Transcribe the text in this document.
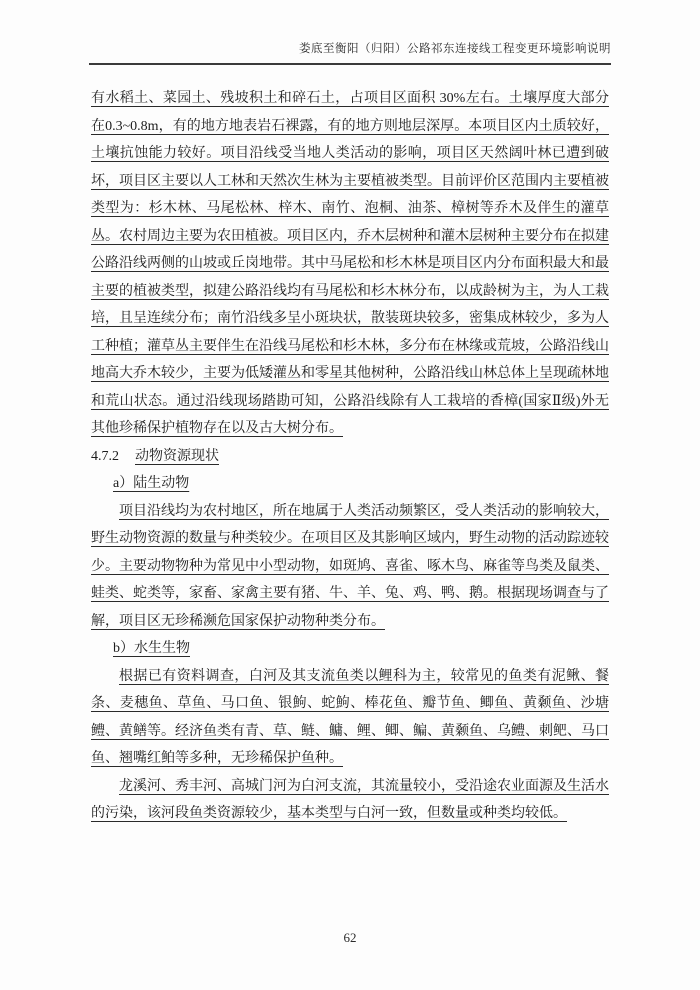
娄底至衡阳（归阳）公路祁东连接线工程变更环境影响说明

有水稻土、菜园土、残坡积土和碎石土，占项目区面积 30%左右。土壤厚度大部分在0.3~0.8m，有的地方地表岩石裸露，有的地方则地层深厚。本项目区内土质较好，土壤抗蚀能力较好。项目沿线受当地人类活动的影响，项目区天然阔叶林已遭到破坏，项目区主要以人工林和天然次生林为主要植被类型。目前评价区范围内主要植被类型为：杉木林、马尾松林、梓木、南竹、泡桐、油茶、樟树等乔木及伴生的灌草丛。农村周边主要为农田植被。项目区内，乔木层树种和灌木层树种主要分布在拟建公路沿线两侧的山坡或丘岗地带。其中马尾松和杉木林是项目区内分布面积最大和最主要的植被类型，拟建公路沿线均有马尾松和杉木林分布，以成龄树为主，为人工栽培，且呈连续分布；南竹沿线多呈小斑块状，散装斑块较多，密集成林较少，多为人工种植；灌草丛主要伴生在沿线马尾松和杉木林，多分布在林缘或荒坡，公路沿线山地高大乔木较少，主要为低矮灌丛和零星其他树种，公路沿线山林总体上呈现疏林地和荒山状态。通过沿线现场踏勘可知，公路沿线除有人工栽培的香樟(国家Ⅱ级)外无其他珍稀保护植物存在以及古大树分布。

4.7.2 动物资源现状
a）陆生动物

项目沿线均为农村地区，所在地属于人类活动频繁区，受人类活动的影响较大，野生动物资源的数量与种类较少。在项目区及其影响区域内，野生动物的活动踪迹较少。主要动物物种为常见中小型动物，如斑鸠、喜雀、啄木鸟、麻雀等鸟类及鼠类、蛙类、蛇类等，家畜、家禽主要有猪、牛、羊、兔、鸡、鸭、鹅。根据现场调查与了解，项目区无珍稀濒危国家保护动物种类分布。

b）水生生物

根据已有资料调查，白河及其支流鱼类以鲤科为主，较常见的鱼类有泥鳅、餐条、麦穗鱼、草鱼、马口鱼、银鮈、蛇鮈、棒花鱼、瓣节鱼、鲫鱼、黄颡鱼、沙塘鳢、黄鳝等。经济鱼类有青、草、鲢、鳙、鲤、鲫、鳊、黄颡鱼、乌鳢、刺鲃、马口鱼、翘嘴红鲌等多种，无珍稀保护鱼种。

龙溪河、秀丰河、高城门河为白河支流，其流量较小，受沿途农业面源及生活水的污染，该河段鱼类资源较少，基本类型与白河一致，但数量或种类均较低。

62
